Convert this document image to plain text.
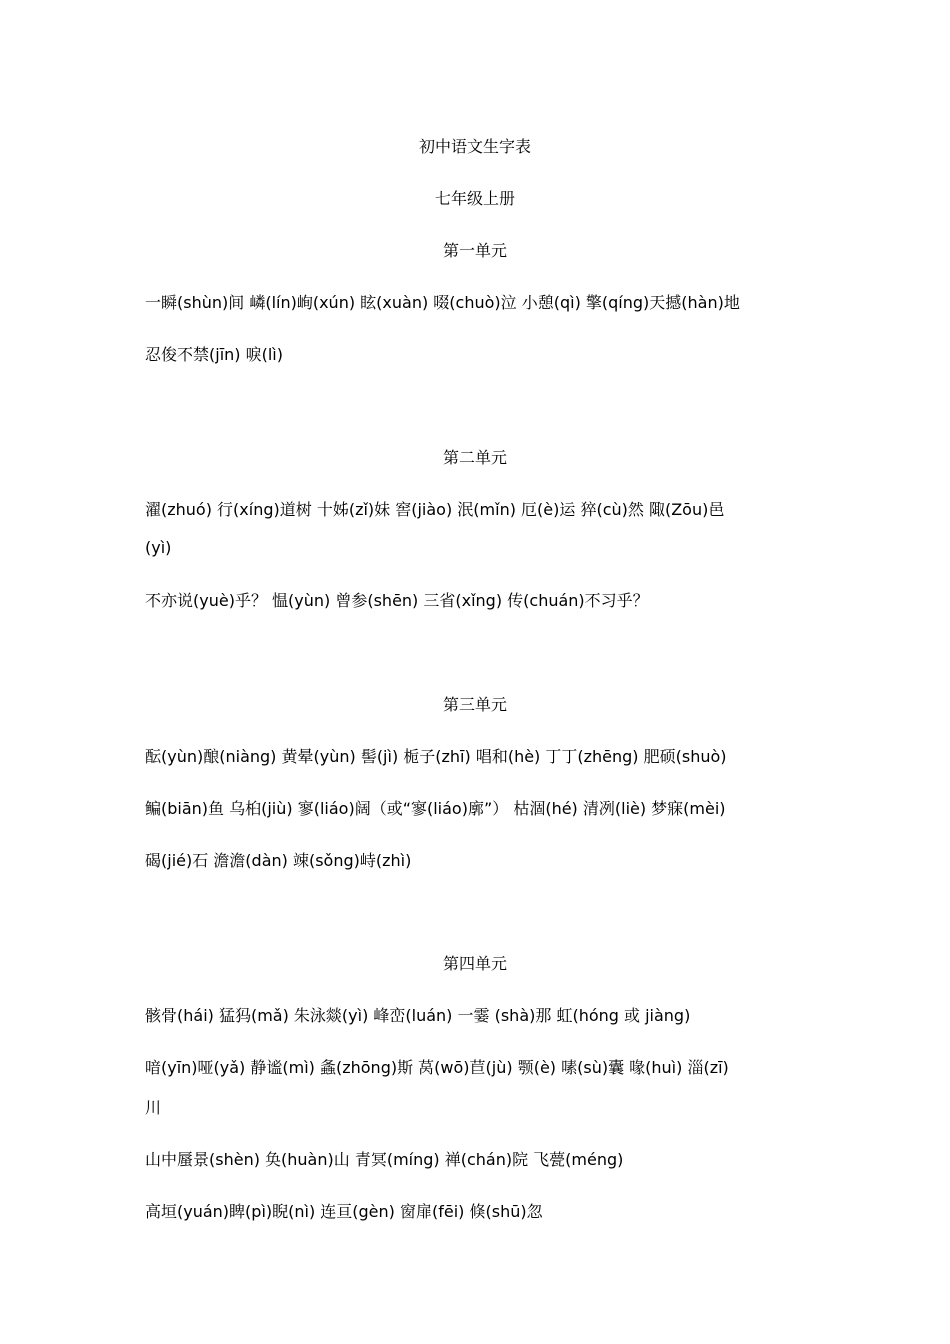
初中语文生字表
七年级上册
第一单元
一瞬(shùn)间 嶙(lín)峋(xún) 眩(xuàn) 啜(chuò)泣 小憩(qì) 擎(qíng)天撼(hàn)地
忍俊不禁(jīn) 唳(lì)
第二单元
濯(zhuó) 行(xíng)道树 十姊(zǐ)妹 窖(jiào) 泯(mǐn) 厄(è)运 猝(cù)然 陬(Zōu)邑
(yì)
不亦说(yuè)乎？ 愠(yùn) 曾参(shēn) 三省(xǐng) 传(chuán)不习乎？
第三单元
酝(yùn)酿(niàng) 黄晕(yùn) 髻(jì) 栀子(zhī) 唱和(hè) 丁丁(zhēng) 肥硕(shuò)
鳊(biān)鱼 乌桕(jiù) 寥(liáo)阔（或“寥(liáo)廓”） 枯涸(hé) 清冽(liè) 梦寐(mèi)
碣(jié)石 澹澹(dàn) 竦(sǒng)峙(zhì)
第四单元
骸骨(hái) 猛犸(mǎ) 朱泳燚(yì) 峰峦(luán) 一霎 (shà)那 虹(hóng 或 jiàng)
喑(yīn)哑(yǎ) 静谧(mì) 螽(zhōng)斯 莴(wō)苣(jù) 颚(è) 嗉(sù)囊 喙(huì) 淄(zī)
川
山中蜃景(shèn) 奂(huàn)山 青冥(míng) 禅(chán)院 飞甍(méng)
高垣(yuán)睥(pì)睨(nì) 连亘(gèn) 窗扉(fēi) 倏(shū)忽
